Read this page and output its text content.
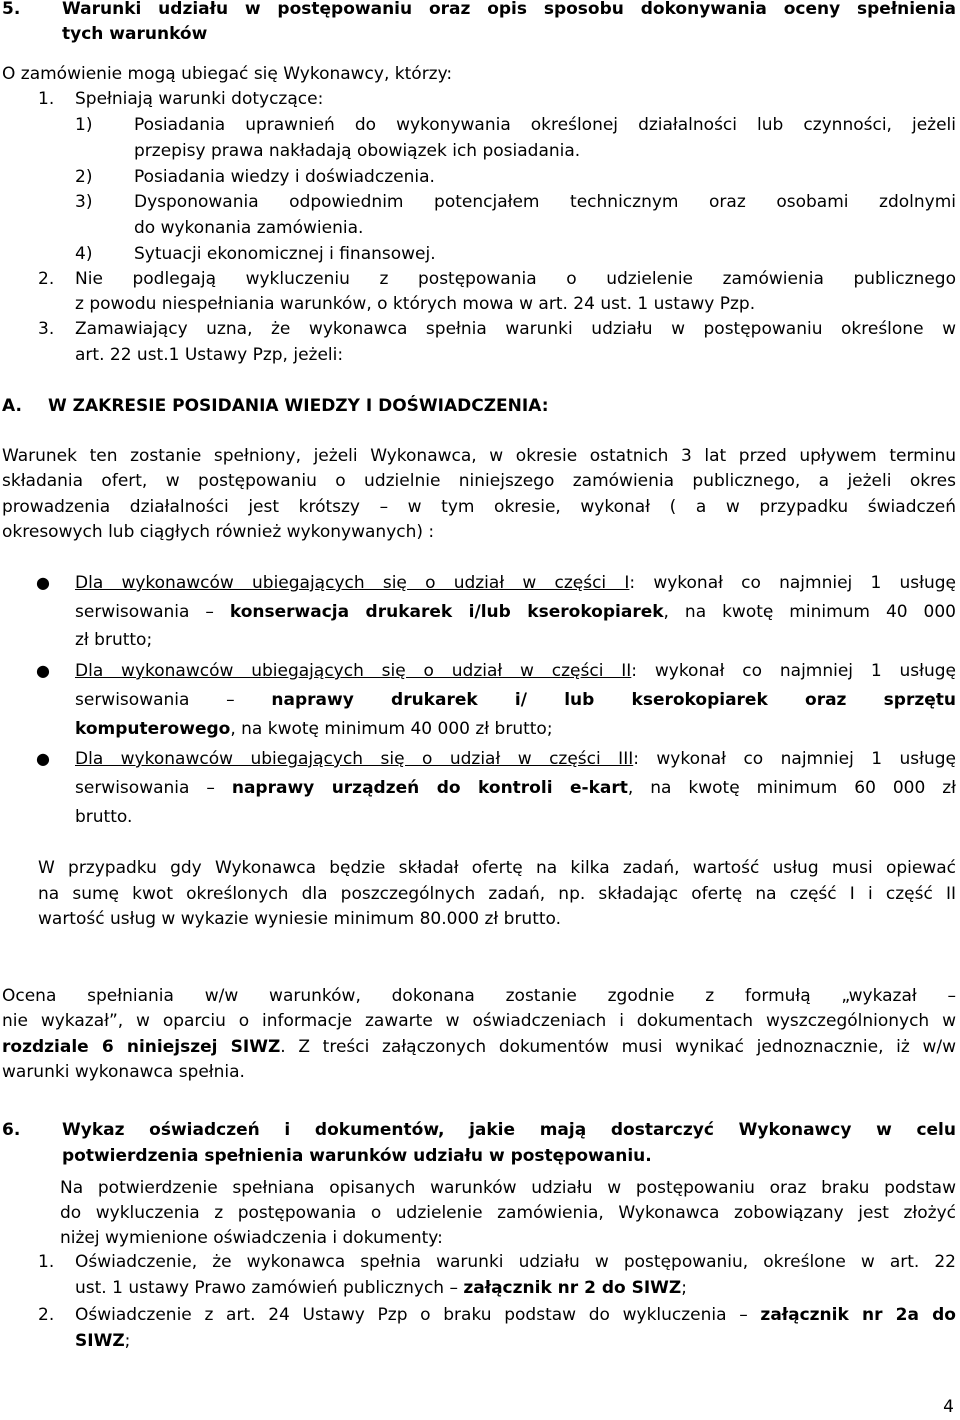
5. Warunki udziału w postępowaniu oraz opis sposobu dokonywania oceny spełnienia
tych warunków
O zamówienie mogą ubiegać się Wykonawcy, którzy:
1. Spełniają warunki dotyczące:
1) Posiadania uprawnień do wykonywania określonej działalności lub czynności, jeżeli
przepisy prawa nakładają obowiązek ich posiadania.
2) Posiadania wiedzy i doświadczenia.
3) Dysponowania odpowiednim potencjałem technicznym oraz osobami zdolnymi
do wykonania zamówienia.
4) Sytuacji ekonomicznej i finansowej.
2. Nie podlegają wykluczeniu z postępowania o udzielenie zamówienia publicznego
z powodu niespełniania warunków, o których mowa w art. 24 ust. 1 ustawy Pzp.
3. Zamawiający uzna, że wykonawca spełnia warunki udziału w postępowaniu określone w
art. 22 ust.1 Ustawy Pzp, jeżeli:
A. W ZAKRESIE POSIDANIA WIEDZY I DOŚWIADCZENIA:
Warunek ten zostanie spełniony, jeżeli Wykonawca, w okresie ostatnich 3 lat przed upływem terminu
składania ofert, w postępowaniu o udzielnie niniejszego zamówienia publicznego, a jeżeli okres
prowadzenia działalności jest krótszy – w tym okresie, wykonał ( a w przypadku świadczeń
okresowych lub ciągłych również wykonywanych) :
● Dla wykonawców ubiegających się o udział w części I: wykonał co najmniej 1 usługę
serwisowania – konserwacja drukarek i/lub kserokopiarek, na kwotę minimum 40 000
zł brutto;
● Dla wykonawców ubiegających się o udział w części II: wykonał co najmniej 1 usługę
serwisowania – naprawy drukarek i/ lub kserokopiarek oraz sprzętu
komputerowego, na kwotę minimum 40 000 zł brutto;
● Dla wykonawców ubiegających się o udział w części III: wykonał co najmniej 1 usługę
serwisowania – naprawy urządzeń do kontroli e-kart, na kwotę minimum 60 000 zł
brutto.
W przypadku gdy Wykonawca będzie składał ofertę na kilka zadań, wartość usług musi opiewać
na sumę kwot określonych dla poszczególnych zadań, np. składając ofertę na część I i część II
wartość usług w wykazie wyniesie minimum 80.000 zł brutto.
Ocena spełniania w/w warunków, dokonana zostanie zgodnie z formułą „wykazał –
nie wykazał”, w oparciu o informacje zawarte w oświadczeniach i dokumentach wyszczególnionych w
rozdziale 6 niniejszej SIWZ. Z treści załączonych dokumentów musi wynikać jednoznacznie, iż w/w
warunki wykonawca spełnia.
6. Wykaz oświadczeń i dokumentów, jakie mają dostarczyć Wykonawcy w celu
potwierdzenia spełnienia warunków udziału w postępowaniu.
Na potwierdzenie spełniana opisanych warunków udziału w postępowaniu oraz braku podstaw
do wykluczenia z postępowania o udzielenie zamówienia, Wykonawca zobowiązany jest złożyć
niżej wymienione oświadczenia i dokumenty:
1. Oświadczenie, że wykonawca spełnia warunki udziału w postępowaniu, określone w art. 22
ust. 1 ustawy Prawo zamówień publicznych – załącznik nr 2 do SIWZ;
2. Oświadczenie z art. 24 Ustawy Pzp o braku podstaw do wykluczenia – załącznik nr 2a do
SIWZ;
4
